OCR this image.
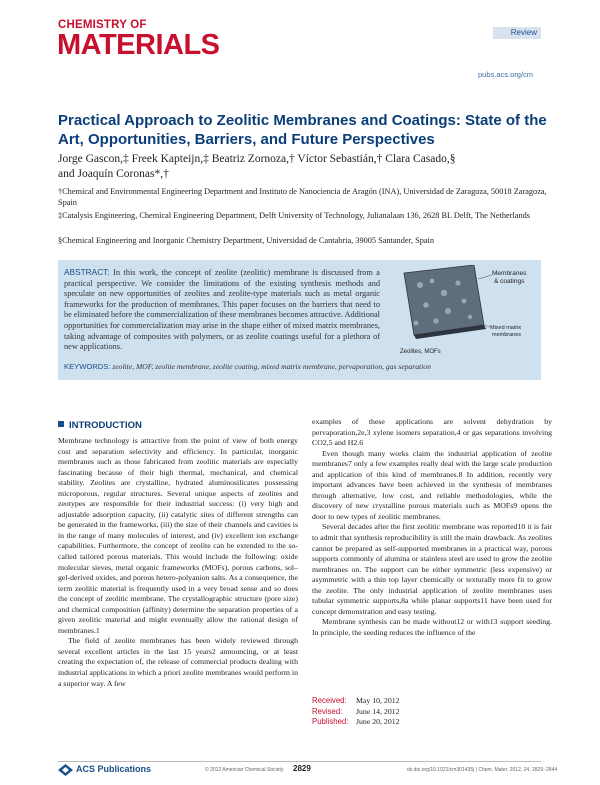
CHEMISTRY OF
MATERIALS	Review
pubs.acs.org/cm
Practical Approach to Zeolitic Membranes and Coatings: State of the Art, Opportunities, Barriers, and Future Perspectives
Jorge Gascon,‡ Freek Kapteijn,‡ Beatriz Zornoza,† Víctor Sebastián,† Clara Casado,§
and Joaquín Coronas*,†
†Chemical and Environmental Engineering Department and Instituto de Nanociencia de Aragón (INA), Universidad de Zaragoza, 50018 Zaragoza, Spain
‡Catalysis Engineering, Chemical Engineering Department, Delft University of Technology, Julianalaan 136, 2628 BL Delft, The Netherlands
§Chemical Engineering and Inorganic Chemistry Department, Universidad de Cantabria, 39005 Santander, Spain
ABSTRACT: In this work, the concept of zeolite (zeolitic) membrane is discussed from a practical perspective. We consider the limitations of the existing synthesis methods and speculate on new opportunities of zeolites and zeolite-type materials such as metal organic frameworks for the production of membranes. This paper focuses on the barriers that need to be eliminated before the commercialization of these membranes becomes attractive. Additional opportunities for commercialization may arise in the shape either of mixed matrix membranes, taking advantage of composites with polymers, or as zeolite coatings useful for a plethora of new applications.
Membranes
& coatings
Mixed matrix
membranes
Zeolites, MOFs
KEYWORDS: zeolite, MOF, zeolite membrane, zeolite coating, mixed matrix membrane, pervaporation, gas separation
INTRODUCTION

Membrane technology is attractive from the point of view of both energy cost and separation selectivity and efficiency. In particular, inorganic membranes such as those fabricated from zeolitic materials are especially fascinating because of their high thermal, mechanical, and chemical stability. Zeolites are crystalline, hydrated aluminosilicates possessing microporous, regular structures. Several unique aspects of zeolites and zeotypes are responsible for their industrial success: (i) very high and adjustable adsorption capacity, (ii) catalytic sites of different strengths can be generated in the frameworks, (iii) the size of their channels and cavities is in the range of many molecules of interest, and (iv) excellent ion exchange capabilities. Furthermore, the concept of zeolite can be extended to the so-called tailored porous materials. This would include the following: oxide molecular sieves, metal organic frameworks (MOFs), porous carbons, sol–gel-derived oxides, and porous hetero-polyanion salts. As a consequence, the term zeolitic material is frequently used in a very broad sense and so does the concept of zeolitic membrane. The crystallographic structure (pore size) and chemical composition (affinity) determine the separation properties of a given zeolitic material and might eventually allow the rational design of membranes.1

The field of zeolite membranes has been widely reviewed through several excellent articles in the last 15 years2 announcing, or at least creating the expectation of, the release of commercial products dealing with industrial applications in which a priori zeolite membranes would perform in a superior way. A few

examples of these applications are solvent dehydration by pervaporation,2e,3 xylene isomers separation,4 or gas separations involving CO2,5 and H2.6

Even though many works claim the industrial application of zeolite membranes7 only a few examples really deal with the large scale production and application of this kind of membranes.8 In addition, recently very important advances have been achieved in the synthesis of membranes through alternative, low cost, and reliable methodologies, while the discovery of new crystalline porous materials such as MOFs9 opens the door to new types of zeolitic membranes.

Several decades after the first zeolitic membrane was reported10 it is fair to admit that synthesis reproducibility is still the main drawback. As zeolites cannot be prepared as self-supported membranes in a practical way, porous supports commonly of alumina or stainless steel are used to grow the zeolite membranes on. The support can be either symmetric (less expensive) or asymmetric with a thin top layer chemically or texturally more fit to grow the zeolite. The only industrial application of zeolite membranes uses tubular symmetric supports,8a while planar supports11 have been used for concept demonstration and easy testing.

Membrane synthesis can be made without12 or with13 support seeding. In principle, the seeding reduces the influence of the

Received: May 10, 2012
Revised: June 14, 2012
Published: June 20, 2012
ACS Publications	© 2012 American Chemical Society 2829	dx.doi.org/10.1021/cm301435j | Chem. Mater. 2012, 24, 2829−2844
